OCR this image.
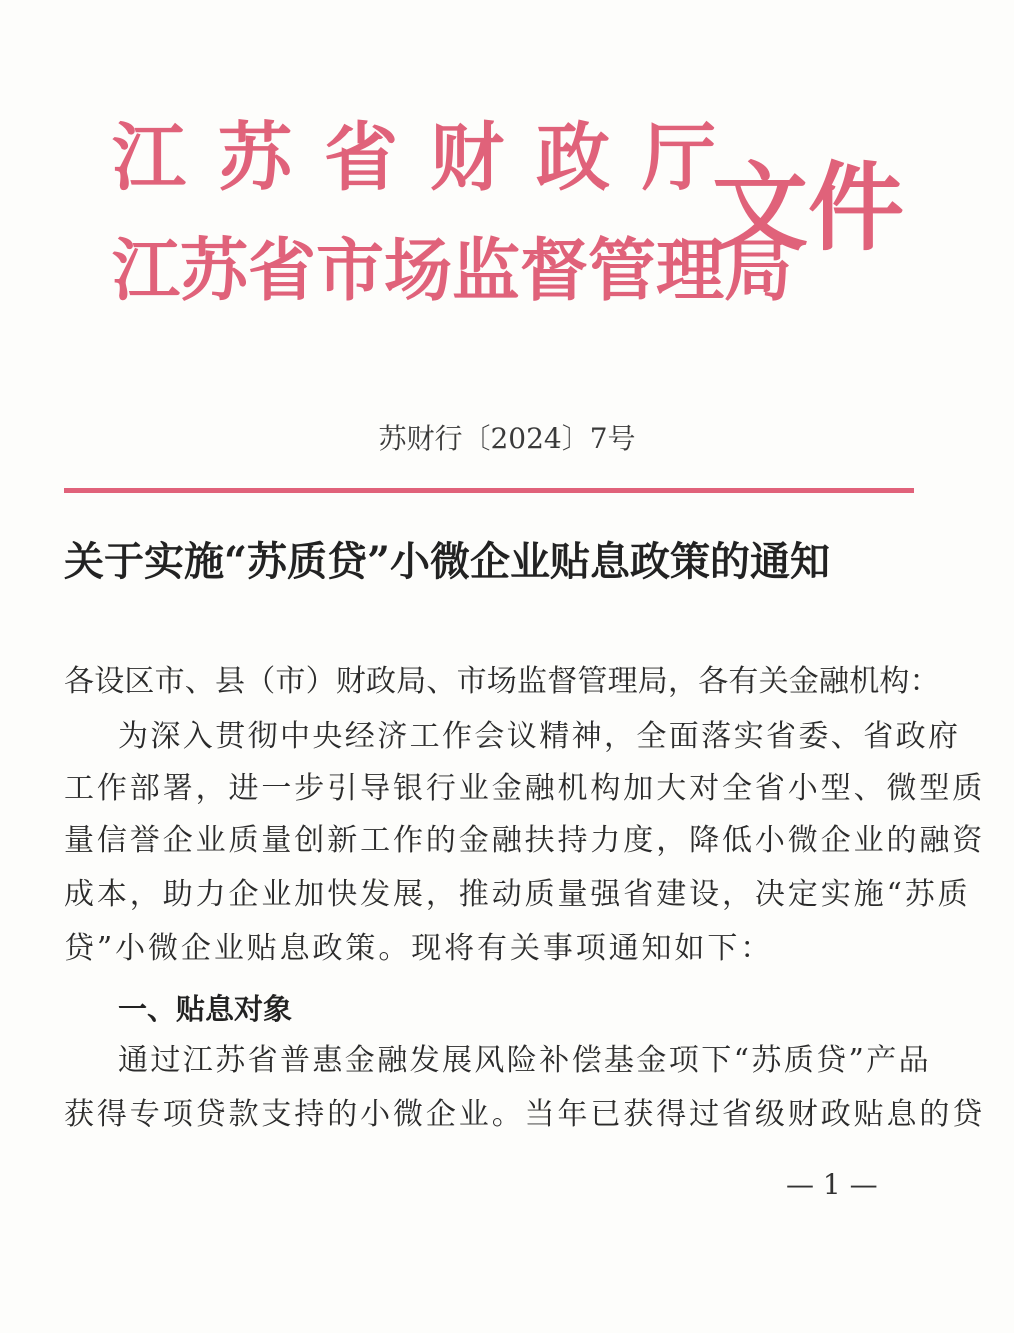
江苏省财政厅
江苏省市场监督管理局
文件
苏财行〔2024〕7号
关于实施“苏质贷”小微企业贴息政策的通知
各设区市、县（市）财政局、市场监督管理局，各有关金融机构：
为深入贯彻中央经济工作会议精神，全面落实省委、省政府
工作部署，进一步引导银行业金融机构加大对全省小型、微型质
量信誉企业质量创新工作的金融扶持力度，降低小微企业的融资
成本，助力企业加快发展，推动质量强省建设，决定实施“苏质
贷”小微企业贴息政策。现将有关事项通知如下：
一、贴息对象
通过江苏省普惠金融发展风险补偿基金项下“苏质贷”产品
获得专项贷款支持的小微企业。当年已获得过省级财政贴息的贷
— 1 —
